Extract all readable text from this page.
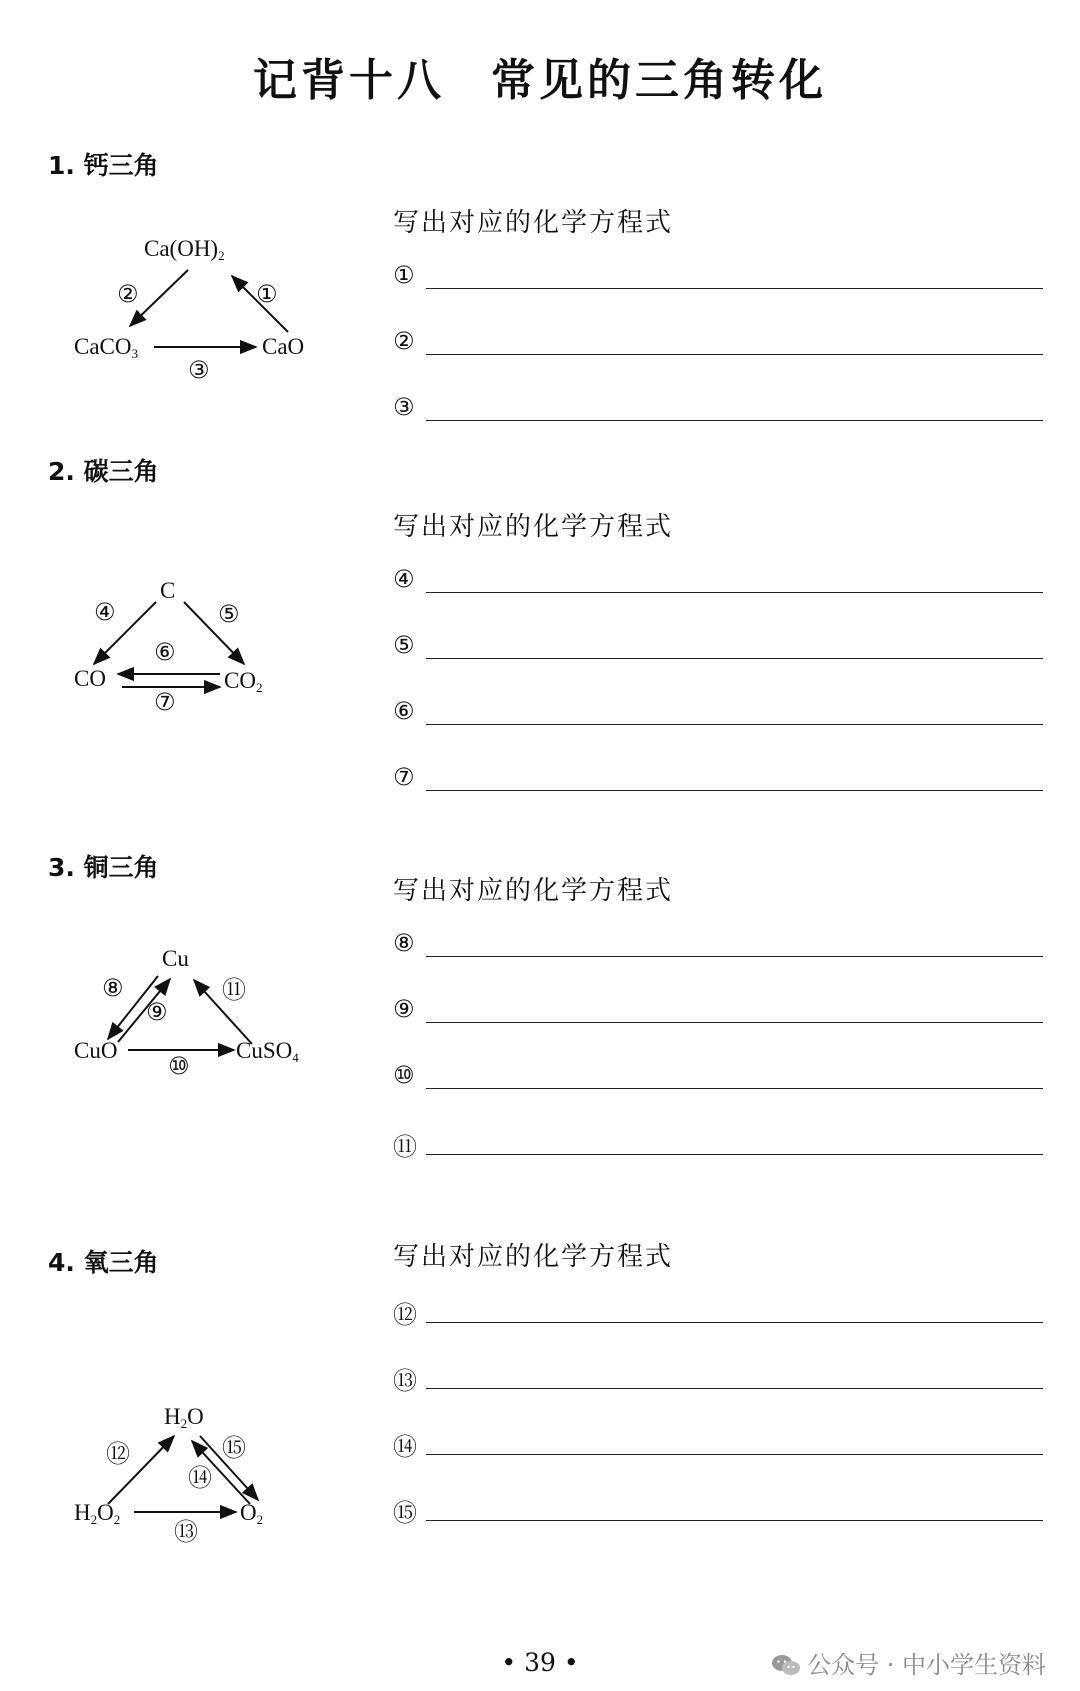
记背十八 常见的三角转化
1. 钙三角
$Ca(OH)_2$
CaCO$_3$	CaO
②	①
③
写出对应的化学方程式
①
②
③
2. 碳三角
C
CO	$CO_2$
④	⑤
⑥
⑦
写出对应的化学方程式
④
⑤
⑥
⑦
3. 铜三角
Cu
CuO	CuSO$_4$
⑧
⑨
⑪
⑩
写出对应的化学方程式
⑧
⑨
⑩
⑪
4. 氧三角
$H_2O$
$H_2O_2$	$O_2$
⑫	⑮
⑭
⑬
写出对应的化学方程式
⑫
⑬
⑭
⑮
• 39 •	公众号 · 中小学生资料
